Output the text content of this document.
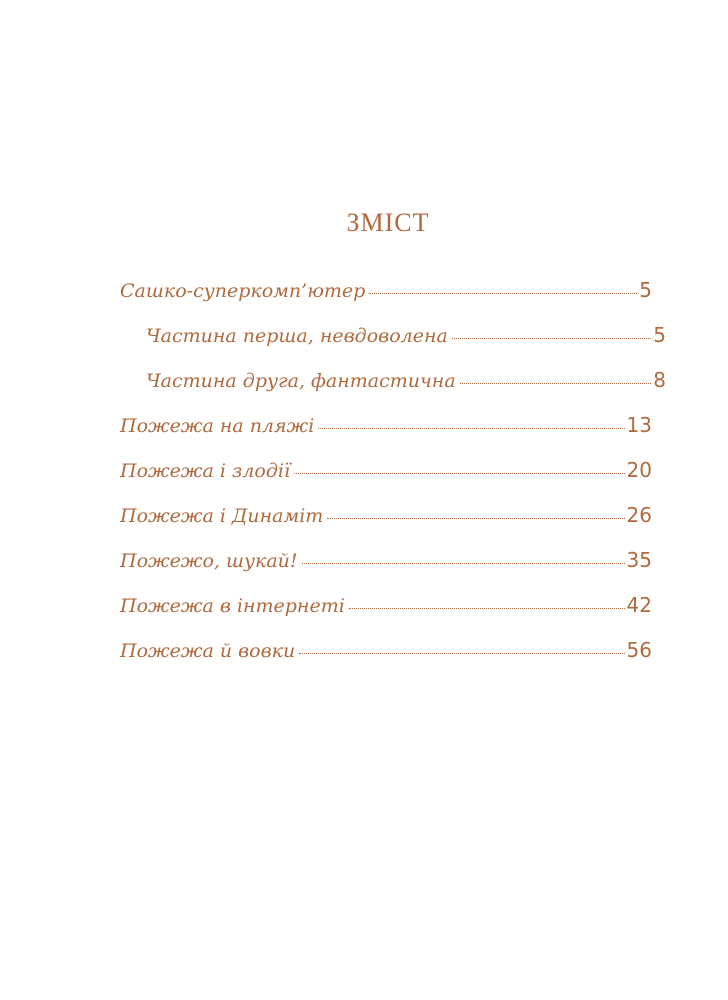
ЗМІСТ
Сашко-суперкомп’ютер	5
Частина перша, невдоволена	5
Частина друга, фантастична	8
Пожежа на пляжі	13
Пожежа і злодії	20
Пожежа і Динаміт	26
Пожежо, шукай!	35
Пожежа в інтернеті	42
Пожежа й вовки	56
